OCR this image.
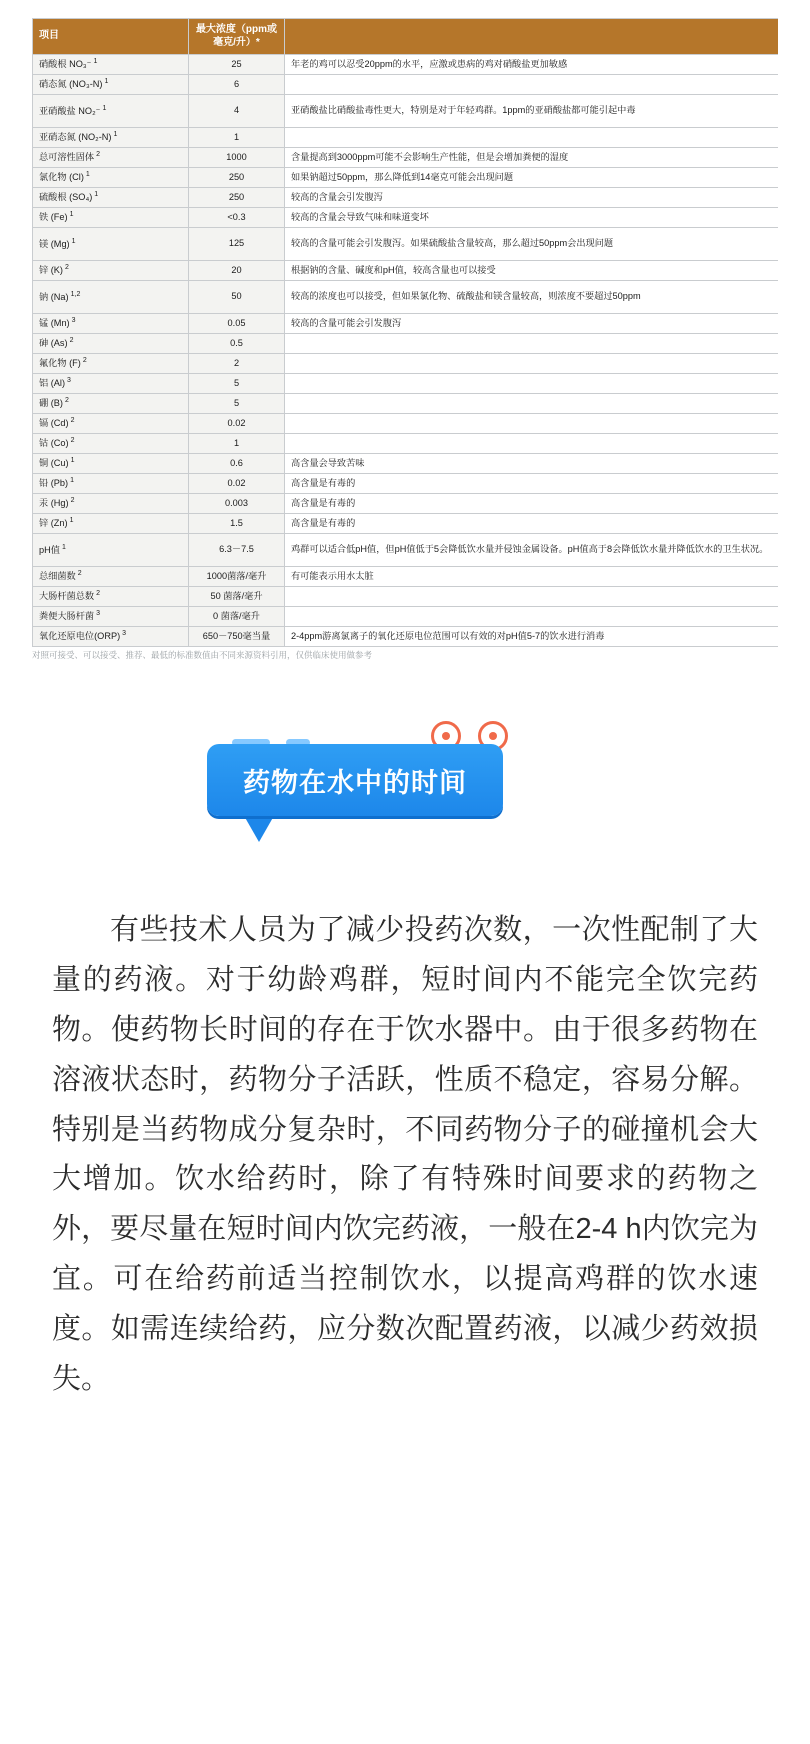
项目	最大浓度（ppm或毫克/升）*	
硝酸根 NO₃⁻ $^1$	25	年老的鸡可以忍受20ppm的水平，应激或患病的鸡对硝酸盐更加敏感
硝态氮 (NO₃-N) $^1$	6	
亚硝酸盐 NO₂⁻ $^1$	4	亚硝酸盐比硝酸盐毒性更大，特别是对于年轻鸡群。1ppm的亚硝酸盐都可能引起中毒
亚硝态氮 (NO₂-N) $^1$	1	
总可溶性固体 $^2$	1000	含量提高到3000ppm可能不会影响生产性能，但是会增加粪便的湿度
氯化物 (Cl) $^1$	250	如果钠超过50ppm，那么降低到14毫克可能会出现问题
硫酸根 (SO₄) $^1$	250	较高的含量会引发腹泻
铁 (Fe) $^1$	<0.3	较高的含量会导致气味和味道变坏
镁 (Mg) $^1$	125	较高的含量可能会引发腹泻。如果硫酸盐含量较高，那么超过50ppm会出现问题
锌 (K) $^2$	20	根据钠的含量、碱度和pH值，较高含量也可以接受
钠 (Na) $^{1,2}$	50	较高的浓度也可以接受，但如果氯化物、硫酸盐和镁含量较高，则浓度不要超过50ppm
锰 (Mn) $^3$	0.05	较高的含量可能会引发腹泻
砷 (As) $^2$	0.5	
氟化物 (F) $^2$	2	
铝 (Al) $^3$	5	
硼 (B) $^2$	5	
镉 (Cd) $^2$	0.02	
钴 (Co) $^2$	1	
铜 (Cu) $^1$	0.6	高含量会导致苦味
铅 (Pb) $^1$	0.02	高含量是有毒的
汞 (Hg) $^2$	0.003	高含量是有毒的
锌 (Zn) $^1$	1.5	高含量是有毒的
pH值 $^1$	6.3－7.5	鸡群可以适合低pH值，但pH值低于5会降低饮水量并侵蚀金属设备。pH值高于8会降低饮水量并降低饮水的卫生状况。
总细菌数 $^2$	1000菌落/毫升	有可能表示用水太脏
大肠杆菌总数 $^2$	50 菌落/毫升	
粪便大肠杆菌 $^3$	0 菌落/毫升	
氧化还原电位(ORP) $^3$	650－750毫当量	2-4ppm游离氯离子的氧化还原电位范围可以有效的对pH值5-7的饮水进行消毒
对照可接受、可以接受、推荐、最低的标准数值由不同来源资料引用，仅供临床使用做参考
药物在水中的时间

有些技术人员为了减少投药次数，一次性配制了大量的药液。对于幼龄鸡群，短时间内不能完全饮完药物。使药物长时间的存在于饮水器中。由于很多药物在溶液状态时，药物分子活跃，性质不稳定，容易分解。特别是当药物成分复杂时，不同药物分子的碰撞机会大大增加。饮水给药时，除了有特殊时间要求的药物之外，要尽量在短时间内饮完药液，一般在2-4 h内饮完为宜。可在给药前适当控制饮水，以提高鸡群的饮水速度。如需连续给药，应分数次配置药液，以减少药效损失。
